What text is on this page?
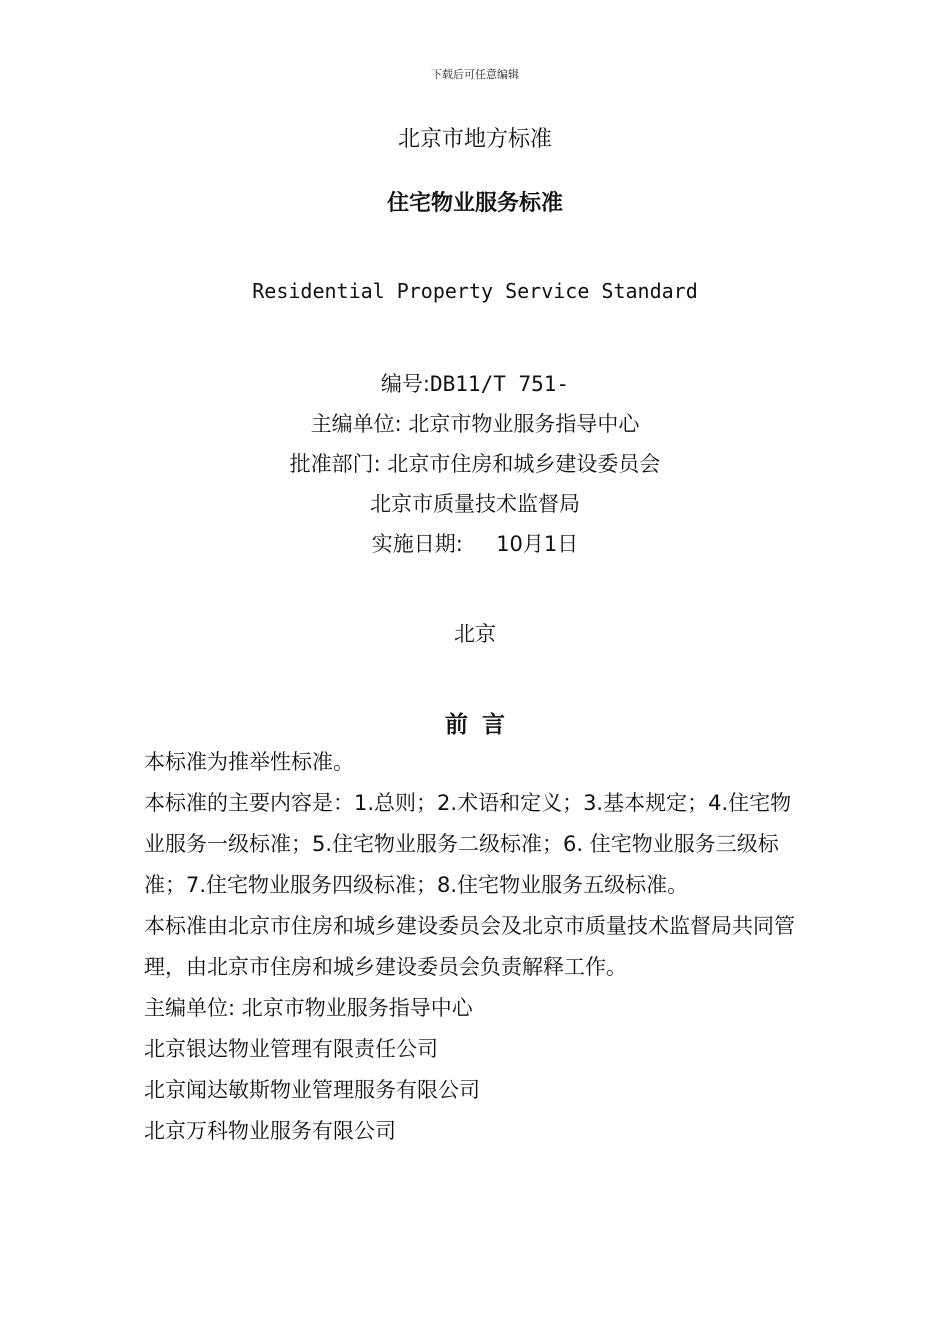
下载后可任意编辑
北京市地方标准
住宅物业服务标准
Residential Property Service Standard
编号:DB11/T 751-
主编单位: 北京市物业服务指导中心
批准部门: 北京市住房和城乡建设委员会
北京市质量技术监督局
实施日期: 10月1日
北京
前言

本标准为推举性标准。

本标准的主要内容是：1.总则；2.术语和定义；3.基本规定；4.住宅物业服务一级标准；5.住宅物业服务二级标准；6. 住宅物业服务三级标准；7.住宅物业服务四级标准；8.住宅物业服务五级标准。

本标准由北京市住房和城乡建设委员会及北京市质量技术监督局共同管理，由北京市住房和城乡建设委员会负责解释工作。

主编单位: 北京市物业服务指导中心

北京银达物业管理有限责任公司

北京闻达敏斯物业管理服务有限公司

北京万科物业服务有限公司
